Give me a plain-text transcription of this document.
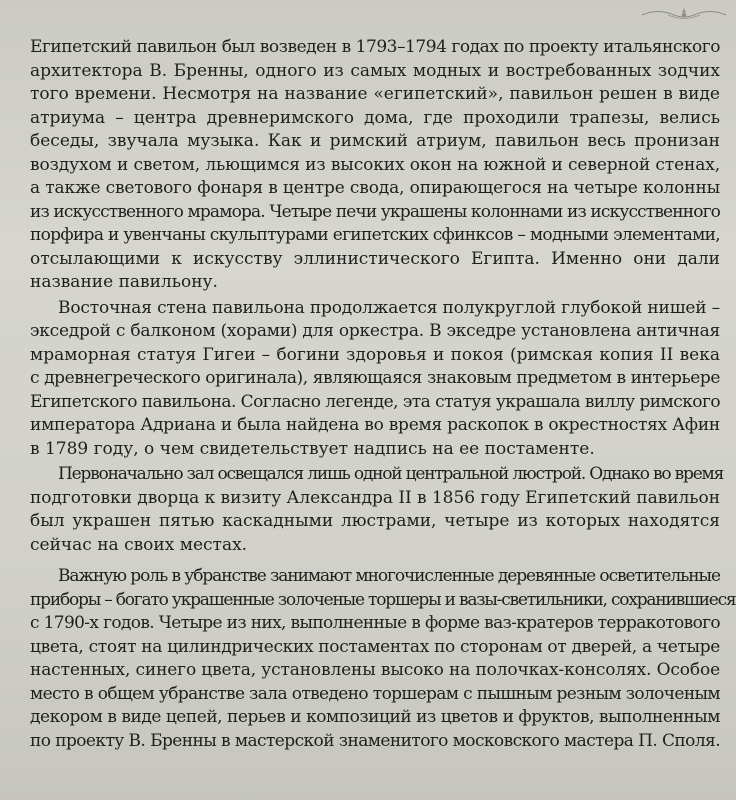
Египетский павильон был возведен в 1793–1794 годах по проекту итальянского
архитектора В. Бренны, одного из самых модных и востребованных зодчих
того времени. Несмотря на название «египетский», павильон решен в виде
атриума – центра древнеримского дома, где проходили трапезы, велись
беседы, звучала музыка. Как и римский атриум, павильон весь пронизан
воздухом и светом, льющимся из высоких окон на южной и северной стенах,
а также светового фонаря в центре свода, опирающегося на четыре колонны
из искусственного мрамора. Четыре печи украшены колоннами из искусственного
порфира и увенчаны скульптурами египетских сфинксов – модными элементами,
отсылающими к искусству эллинистического Египта. Именно они дали
название павильону.
Восточная стена павильона продолжается полукруглой глубокой нишей –
экседрой с балконом (хорами) для оркестра. В экседре установлена античная
мраморная статуя Гигеи – богини здоровья и покоя (римская копия II века
с древнегреческого оригинала), являющаяся знаковым предметом в интерьере
Египетского павильона. Согласно легенде, эта статуя украшала виллу римского
императора Адриана и была найдена во время раскопок в окрестностях Афин
в 1789 году, о чем свидетельствует надпись на ее постаменте.
Первоначально зал освещался лишь одной центральной люстрой. Однако во время
подготовки дворца к визиту Александра II в 1856 году Египетский павильон
был украшен пятью каскадными люстрами, четыре из которых находятся
сейчас на своих местах.
Важную роль в убранстве занимают многочисленные деревянные осветительные
приборы – богато украшенные золоченые торшеры и вазы-светильники, сохранившиеся
с 1790-х годов. Четыре из них, выполненные в форме ваз-кратеров терракотового
цвета, стоят на цилиндрических постаментах по сторонам от дверей, а четыре
настенных, синего цвета, установлены высоко на полочках-консолях. Особое
место в общем убранстве зала отведено торшерам с пышным резным золоченым
декором в виде цепей, перьев и композиций из цветов и фруктов, выполненным
по проекту В. Бренны в мастерской знаменитого московского мастера П. Споля.
